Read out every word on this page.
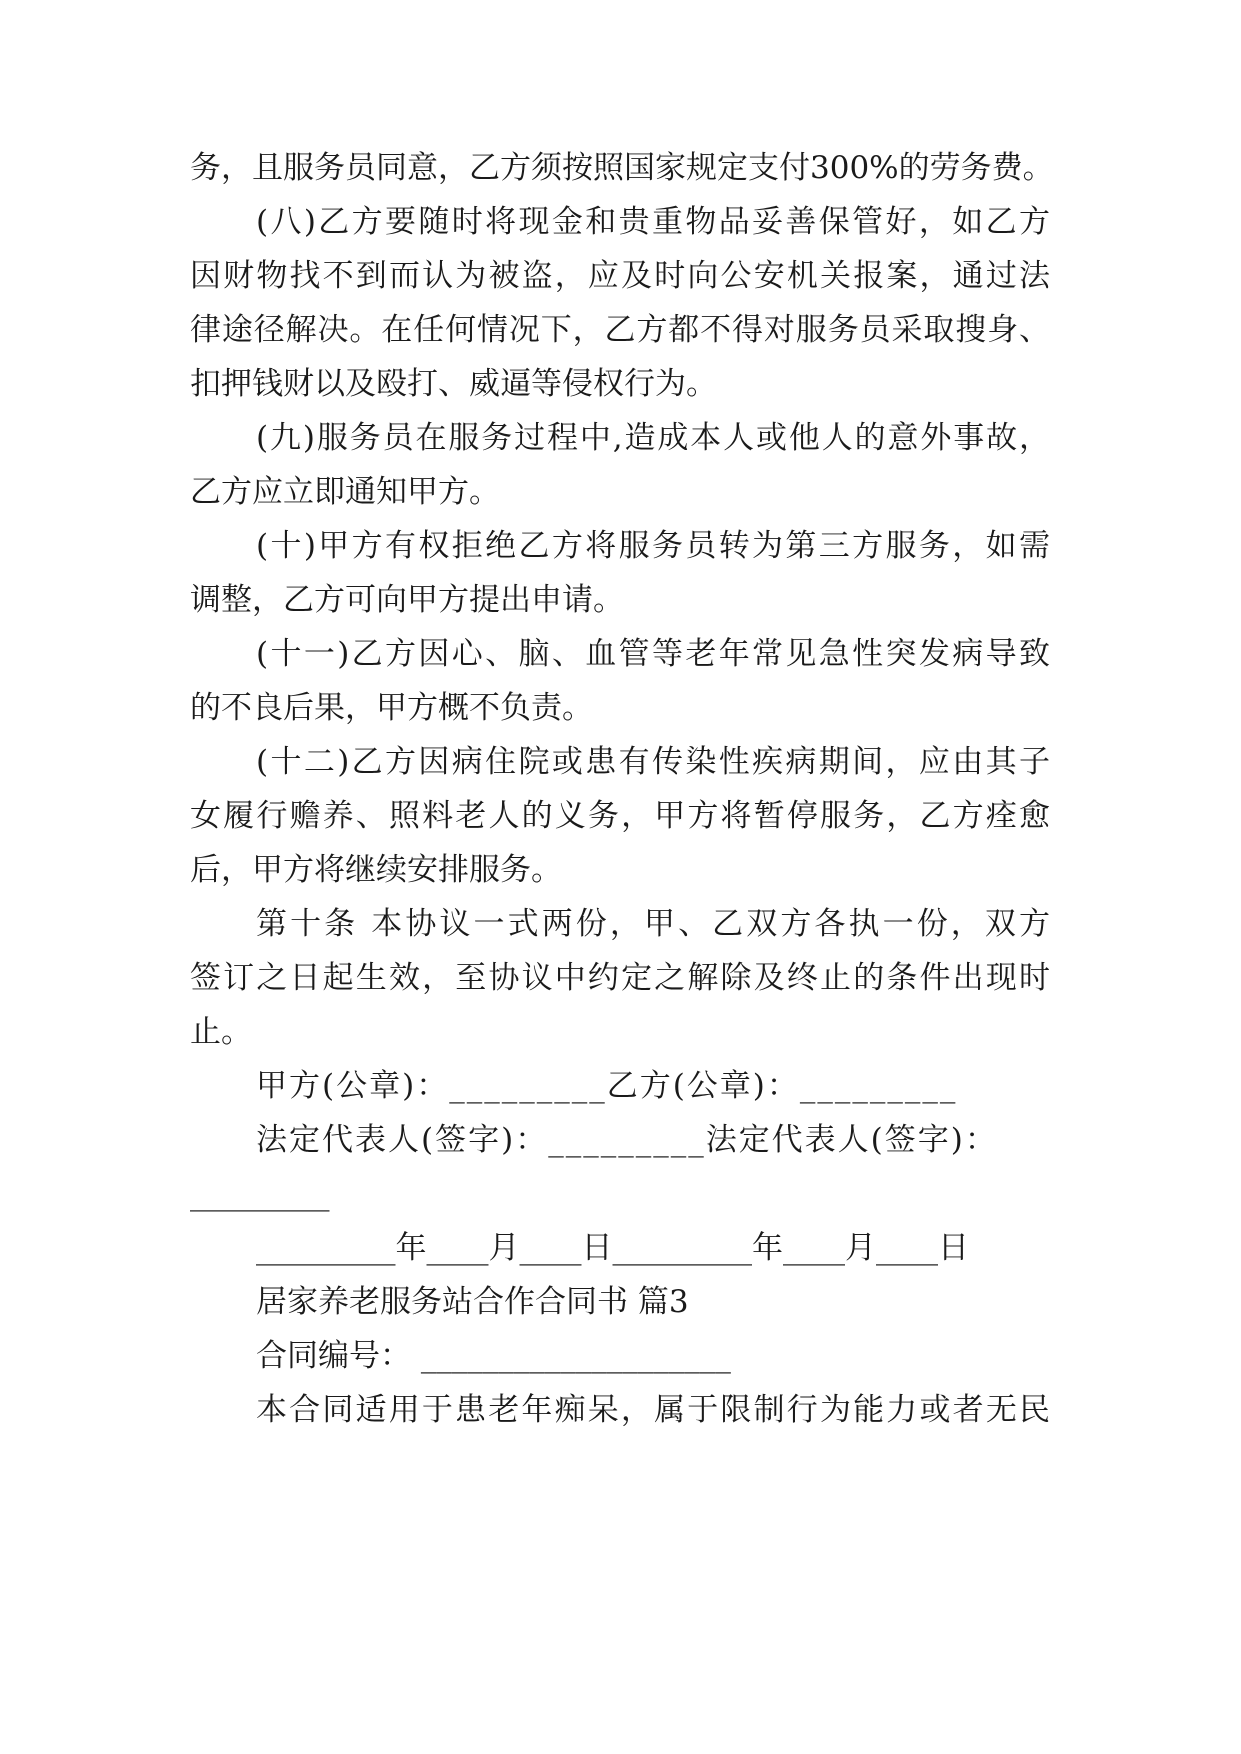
务，且服务员同意，乙方须按照国家规定支付300%的劳务费。
(八)乙方要随时将现金和贵重物品妥善保管好，如乙方
因财物找不到而认为被盗，应及时向公安机关报案，通过法
律途径解决。在任何情况下，乙方都不得对服务员采取搜身、
扣押钱财以及殴打、威逼等侵权行为。
(九)服务员在服务过程中,造成本人或他人的意外事故，
乙方应立即通知甲方。
(十)甲方有权拒绝乙方将服务员转为第三方服务，如需
调整，乙方可向甲方提出申请。
(十一)乙方因心、脑、血管等老年常见急性突发病导致
的不良后果，甲方概不负责。
(十二)乙方因病住院或患有传染性疾病期间，应由其子
女履行赡养、照料老人的义务，甲方将暂停服务，乙方痊愈
后，甲方将继续安排服务。
第十条 本协议一式两份，甲、乙双方各执一份，双方
签订之日起生效，至协议中约定之解除及终止的条件出现时
止。
甲方(公章)：_________乙方(公章)：_________
法定代表人(签字)：_________法定代表人(签字)：
_________
_________年____月____日_________年____月____日
居家养老服务站合作合同书 篇3
合同编号： ____________________
本合同适用于患老年痴呆，属于限制行为能力或者无民
